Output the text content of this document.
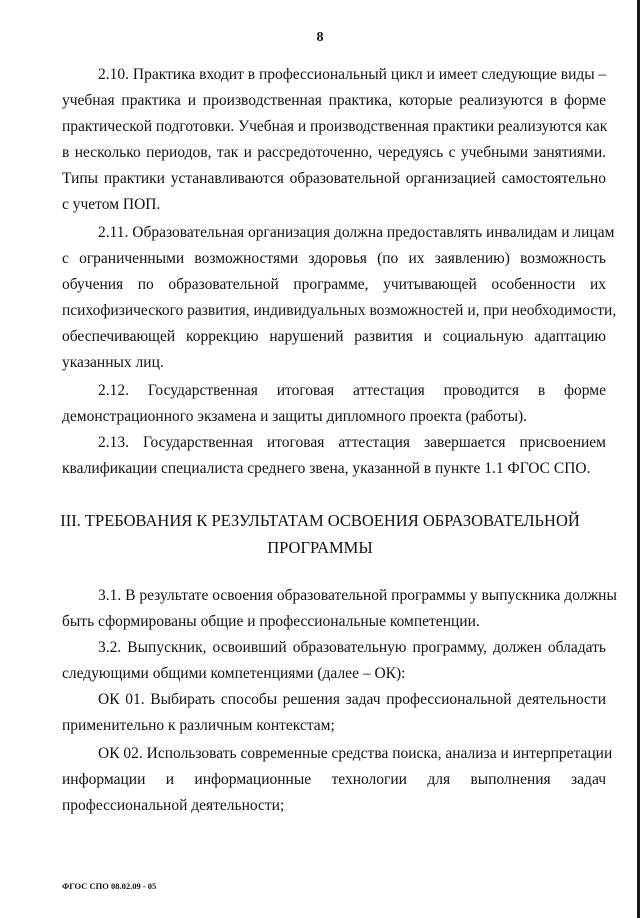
8
2.10. Практика входит в профессиональный цикл и имеет следующие виды –
учебная практика и производственная практика, которые реализуются в форме
практической подготовки. Учебная и производственная практики реализуются как
в несколько периодов, так и рассредоточенно, чередуясь с учебными занятиями.
Типы практики устанавливаются образовательной организацией самостоятельно
с учетом ПОП.
2.11. Образовательная организация должна предоставлять инвалидам и лицам
с ограниченными возможностями здоровья (по их заявлению) возможность
обучения по образовательной программе, учитывающей особенности их
психофизического развития, индивидуальных возможностей и, при необходимости,
обеспечивающей коррекцию нарушений развития и социальную адаптацию
указанных лиц.
2.12. Государственная итоговая аттестация проводится в форме
демонстрационного экзамена и защиты дипломного проекта (работы).
2.13. Государственная итоговая аттестация завершается присвоением
квалификации специалиста среднего звена, указанной в пункте 1.1 ФГОС СПО.
III. ТРЕБОВАНИЯ К РЕЗУЛЬТАТАМ ОСВОЕНИЯ ОБРАЗОВАТЕЛЬНОЙ
ПРОГРАММЫ
3.1. В результате освоения образовательной программы у выпускника должны
быть сформированы общие и профессиональные компетенции.
3.2. Выпускник, освоивший образовательную программу, должен обладать
следующими общими компетенциями (далее – ОК):
ОК 01. Выбирать способы решения задач профессиональной деятельности
применительно к различным контекстам;
ОК 02. Использовать современные средства поиска, анализа и интерпретации
информации и информационные технологии для выполнения задач
профессиональной деятельности;
ФГОС СПО 08.02.09 - 05
